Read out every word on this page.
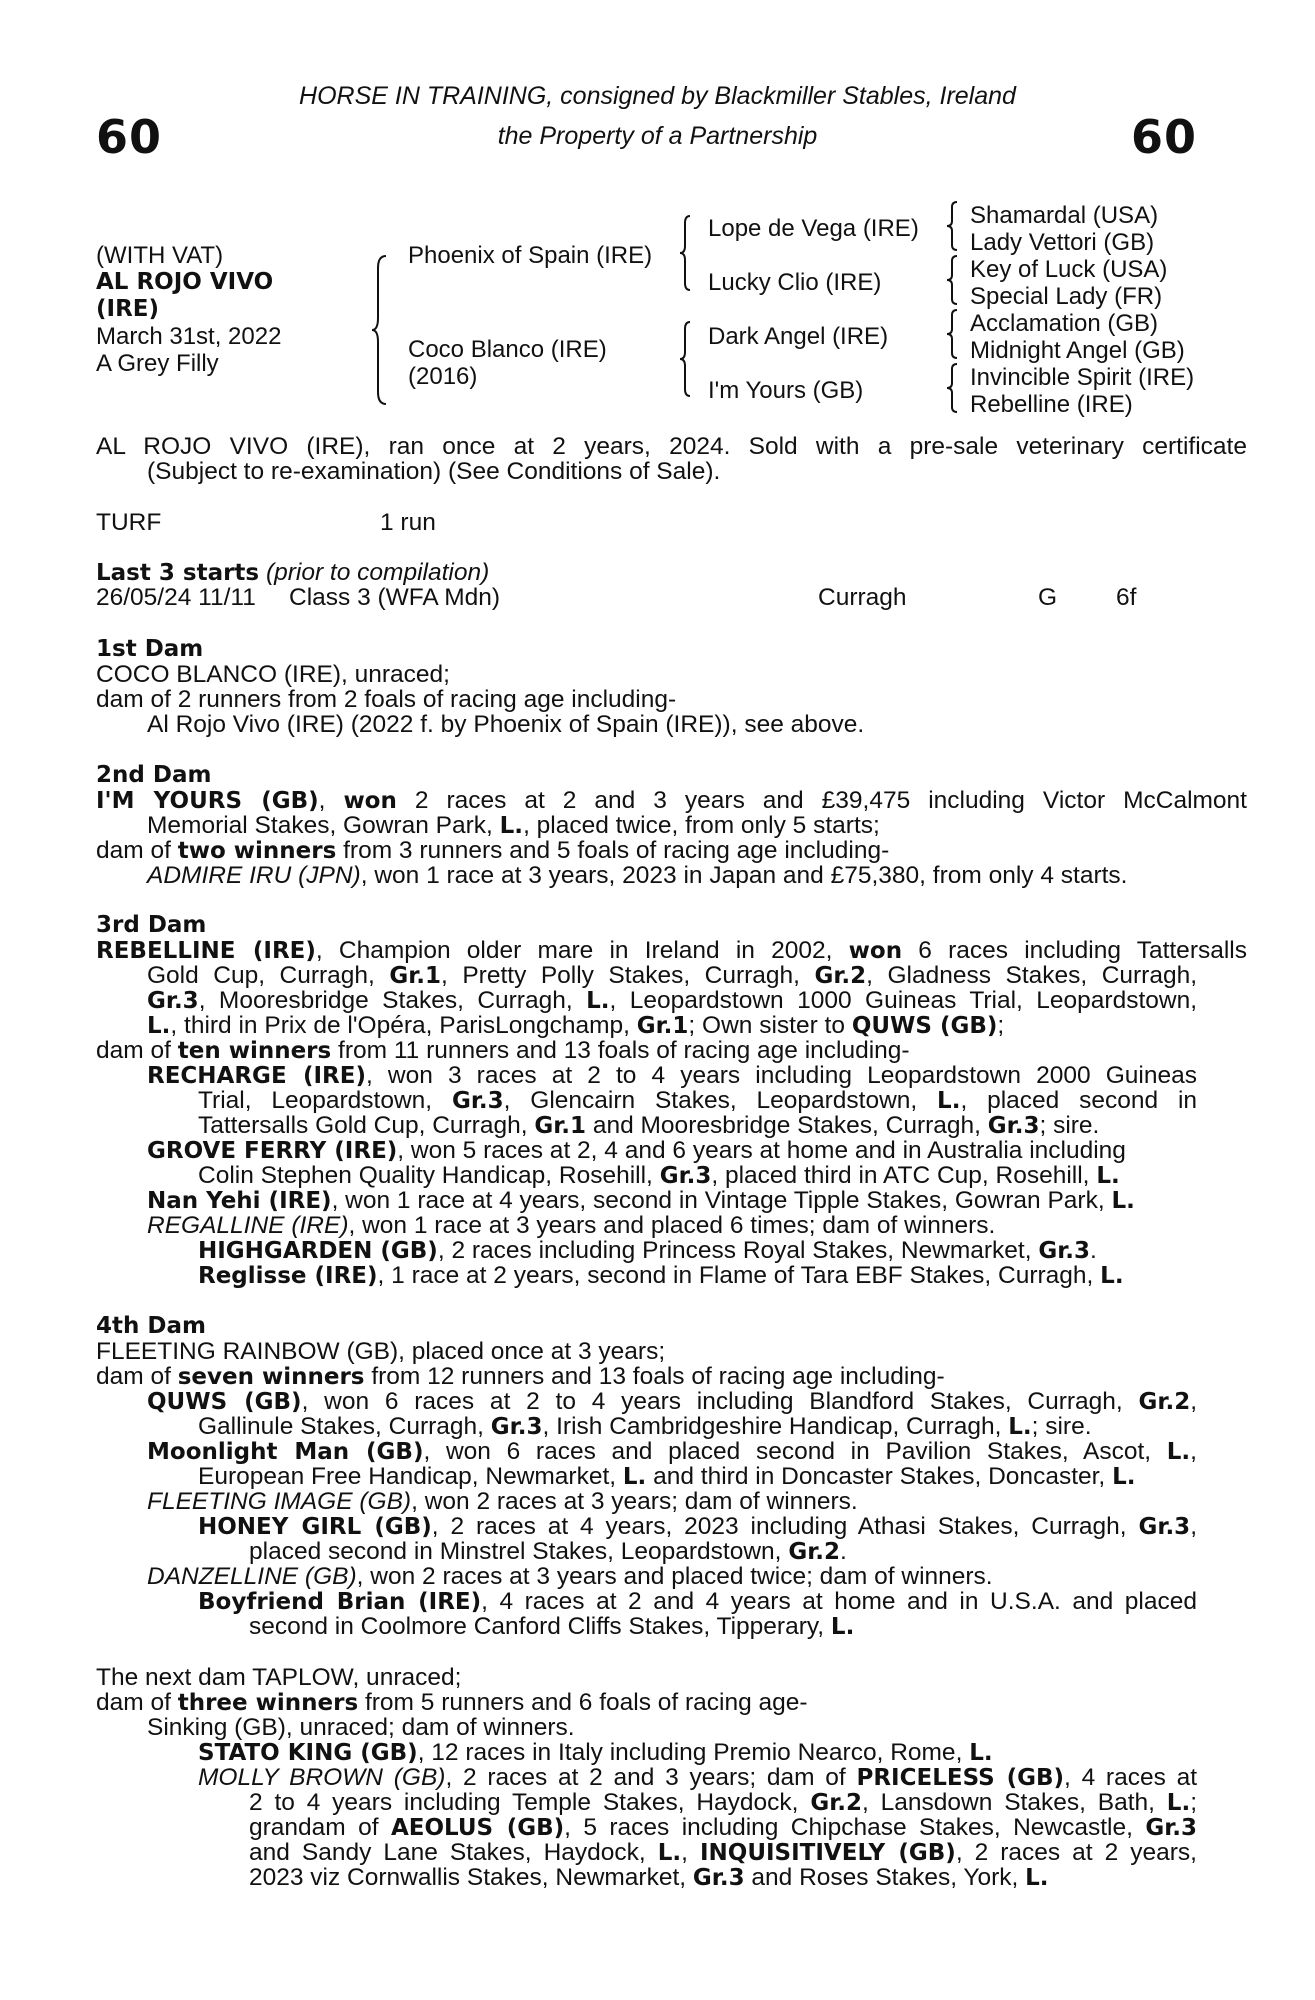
60	60
HORSE IN TRAINING, consigned by Blackmiller Stables, Ireland
the Property of a Partnership
(WITH VAT)
AL ROJO VIVO
(IRE)
March 31st, 2022
A Grey Filly
Phoenix of Spain (IRE)
Coco Blanco (IRE)
(2016)
Lope de Vega (IRE)
Lucky Clio (IRE)
Dark Angel (IRE)
I'm Yours (GB)
Shamardal (USA)
Lady Vettori (GB)
Key of Luck (USA)
Special Lady (FR)
Acclamation (GB)
Midnight Angel (GB)
Invincible Spirit (IRE)
Rebelline (IRE)
AL ROJO VIVO (IRE), ran once at 2 years, 2024. Sold with a pre-sale veterinary certificate
(Subject to re-examination) (See Conditions of Sale).
TURF	1 run
Last 3 starts (prior to compilation)
26/05/24 11/11 Class 3 (WFA Mdn)	Curragh	G 6f
1st Dam
COCO BLANCO (IRE), unraced;
dam of 2 runners from 2 foals of racing age including-
Al Rojo Vivo (IRE) (2022 f. by Phoenix of Spain (IRE)), see above.
2nd Dam
I'M YOURS (GB), won 2 races at 2 and 3 years and £39,475 including Victor McCalmont
Memorial Stakes, Gowran Park, L., placed twice, from only 5 starts;
dam of two winners from 3 runners and 5 foals of racing age including-
ADMIRE IRU (JPN), won 1 race at 3 years, 2023 in Japan and £75,380, from only 4 starts.
3rd Dam
REBELLINE (IRE), Champion older mare in Ireland in 2002, won 6 races including Tattersalls
Gold Cup, Curragh, Gr.1, Pretty Polly Stakes, Curragh, Gr.2, Gladness Stakes, Curragh,
Gr.3, Mooresbridge Stakes, Curragh, L., Leopardstown 1000 Guineas Trial, Leopardstown,
L., third in Prix de l'Opéra, ParisLongchamp, Gr.1; Own sister to QUWS (GB);
dam of ten winners from 11 runners and 13 foals of racing age including-
RECHARGE (IRE), won 3 races at 2 to 4 years including Leopardstown 2000 Guineas
Trial, Leopardstown, Gr.3, Glencairn Stakes, Leopardstown, L., placed second in
Tattersalls Gold Cup, Curragh, Gr.1 and Mooresbridge Stakes, Curragh, Gr.3; sire.
GROVE FERRY (IRE), won 5 races at 2, 4 and 6 years at home and in Australia including
Colin Stephen Quality Handicap, Rosehill, Gr.3, placed third in ATC Cup, Rosehill, L.
Nan Yehi (IRE), won 1 race at 4 years, second in Vintage Tipple Stakes, Gowran Park, L.
REGALLINE (IRE), won 1 race at 3 years and placed 6 times; dam of winners.
HIGHGARDEN (GB), 2 races including Princess Royal Stakes, Newmarket, Gr.3.
Reglisse (IRE), 1 race at 2 years, second in Flame of Tara EBF Stakes, Curragh, L.
4th Dam
FLEETING RAINBOW (GB), placed once at 3 years;
dam of seven winners from 12 runners and 13 foals of racing age including-
QUWS (GB), won 6 races at 2 to 4 years including Blandford Stakes, Curragh, Gr.2,
Gallinule Stakes, Curragh, Gr.3, Irish Cambridgeshire Handicap, Curragh, L.; sire.
Moonlight Man (GB), won 6 races and placed second in Pavilion Stakes, Ascot, L.,
European Free Handicap, Newmarket, L. and third in Doncaster Stakes, Doncaster, L.
FLEETING IMAGE (GB), won 2 races at 3 years; dam of winners.
HONEY GIRL (GB), 2 races at 4 years, 2023 including Athasi Stakes, Curragh, Gr.3,
placed second in Minstrel Stakes, Leopardstown, Gr.2.
DANZELLINE (GB), won 2 races at 3 years and placed twice; dam of winners.
Boyfriend Brian (IRE), 4 races at 2 and 4 years at home and in U.S.A. and placed
second in Coolmore Canford Cliffs Stakes, Tipperary, L.
The next dam TAPLOW, unraced;
dam of three winners from 5 runners and 6 foals of racing age-
Sinking (GB), unraced; dam of winners.
STATO KING (GB), 12 races in Italy including Premio Nearco, Rome, L.
MOLLY BROWN (GB), 2 races at 2 and 3 years; dam of PRICELESS (GB), 4 races at
2 to 4 years including Temple Stakes, Haydock, Gr.2, Lansdown Stakes, Bath, L.;
grandam of AEOLUS (GB), 5 races including Chipchase Stakes, Newcastle, Gr.3
and Sandy Lane Stakes, Haydock, L., INQUISITIVELY (GB), 2 races at 2 years,
2023 viz Cornwallis Stakes, Newmarket, Gr.3 and Roses Stakes, York, L.
